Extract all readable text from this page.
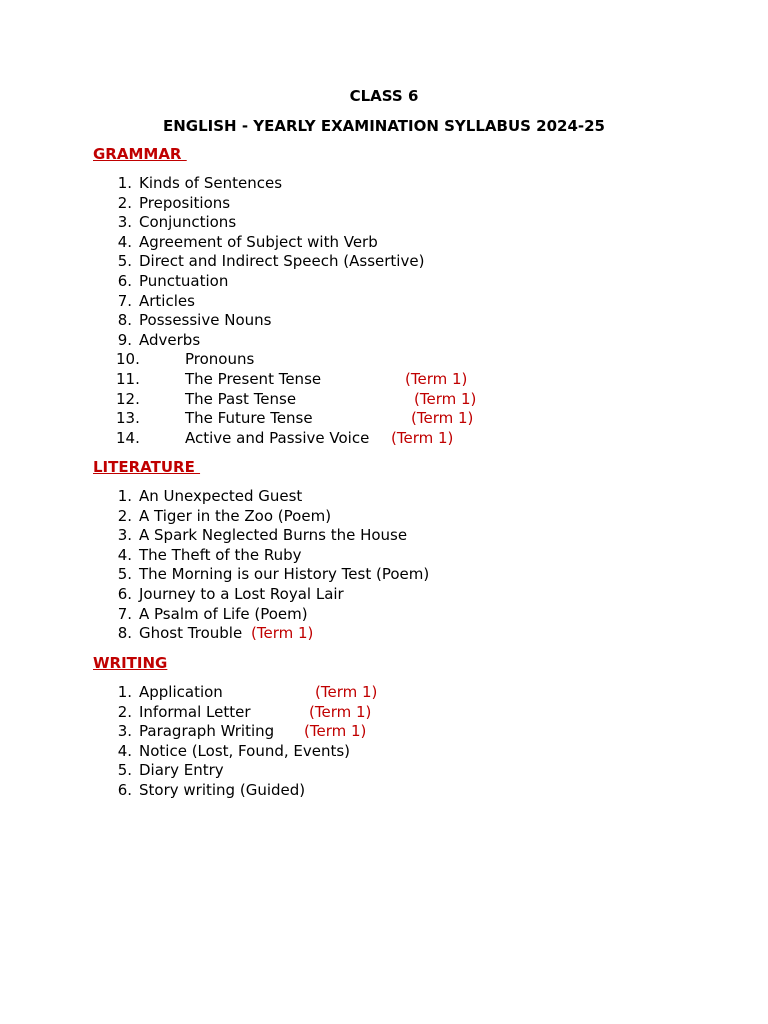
CLASS 6
ENGLISH - YEARLY EXAMINATION SYLLABUS 2024-25
GRAMMAR
1. Kinds of Sentences
2. Prepositions
3. Conjunctions
4. Agreement of Subject with Verb
5. Direct and Indirect Speech (Assertive)
6. Punctuation
7. Articles
8. Possessive Nouns
9. Adverbs
10.	Pronouns
11.	The Present Tense	(Term 1)
12.	The Past Tense	(Term 1)
13.	The Future Tense	(Term 1)
14.	Active and Passive Voice (Term 1)
LITERATURE
1. An Unexpected Guest
2. A Tiger in the Zoo (Poem)
3. A Spark Neglected Burns the House
4. The Theft of the Ruby
5. The Morning is our History Test (Poem)
6. Journey to a Lost Royal Lair
7. A Psalm of Life (Poem)
8. Ghost Trouble (Term 1)
WRITING
1. Application	(Term 1)
2. Informal Letter	(Term 1)
3. Paragraph Writing (Term 1)
4. Notice (Lost, Found, Events)
5. Diary Entry
6. Story writing (Guided)
